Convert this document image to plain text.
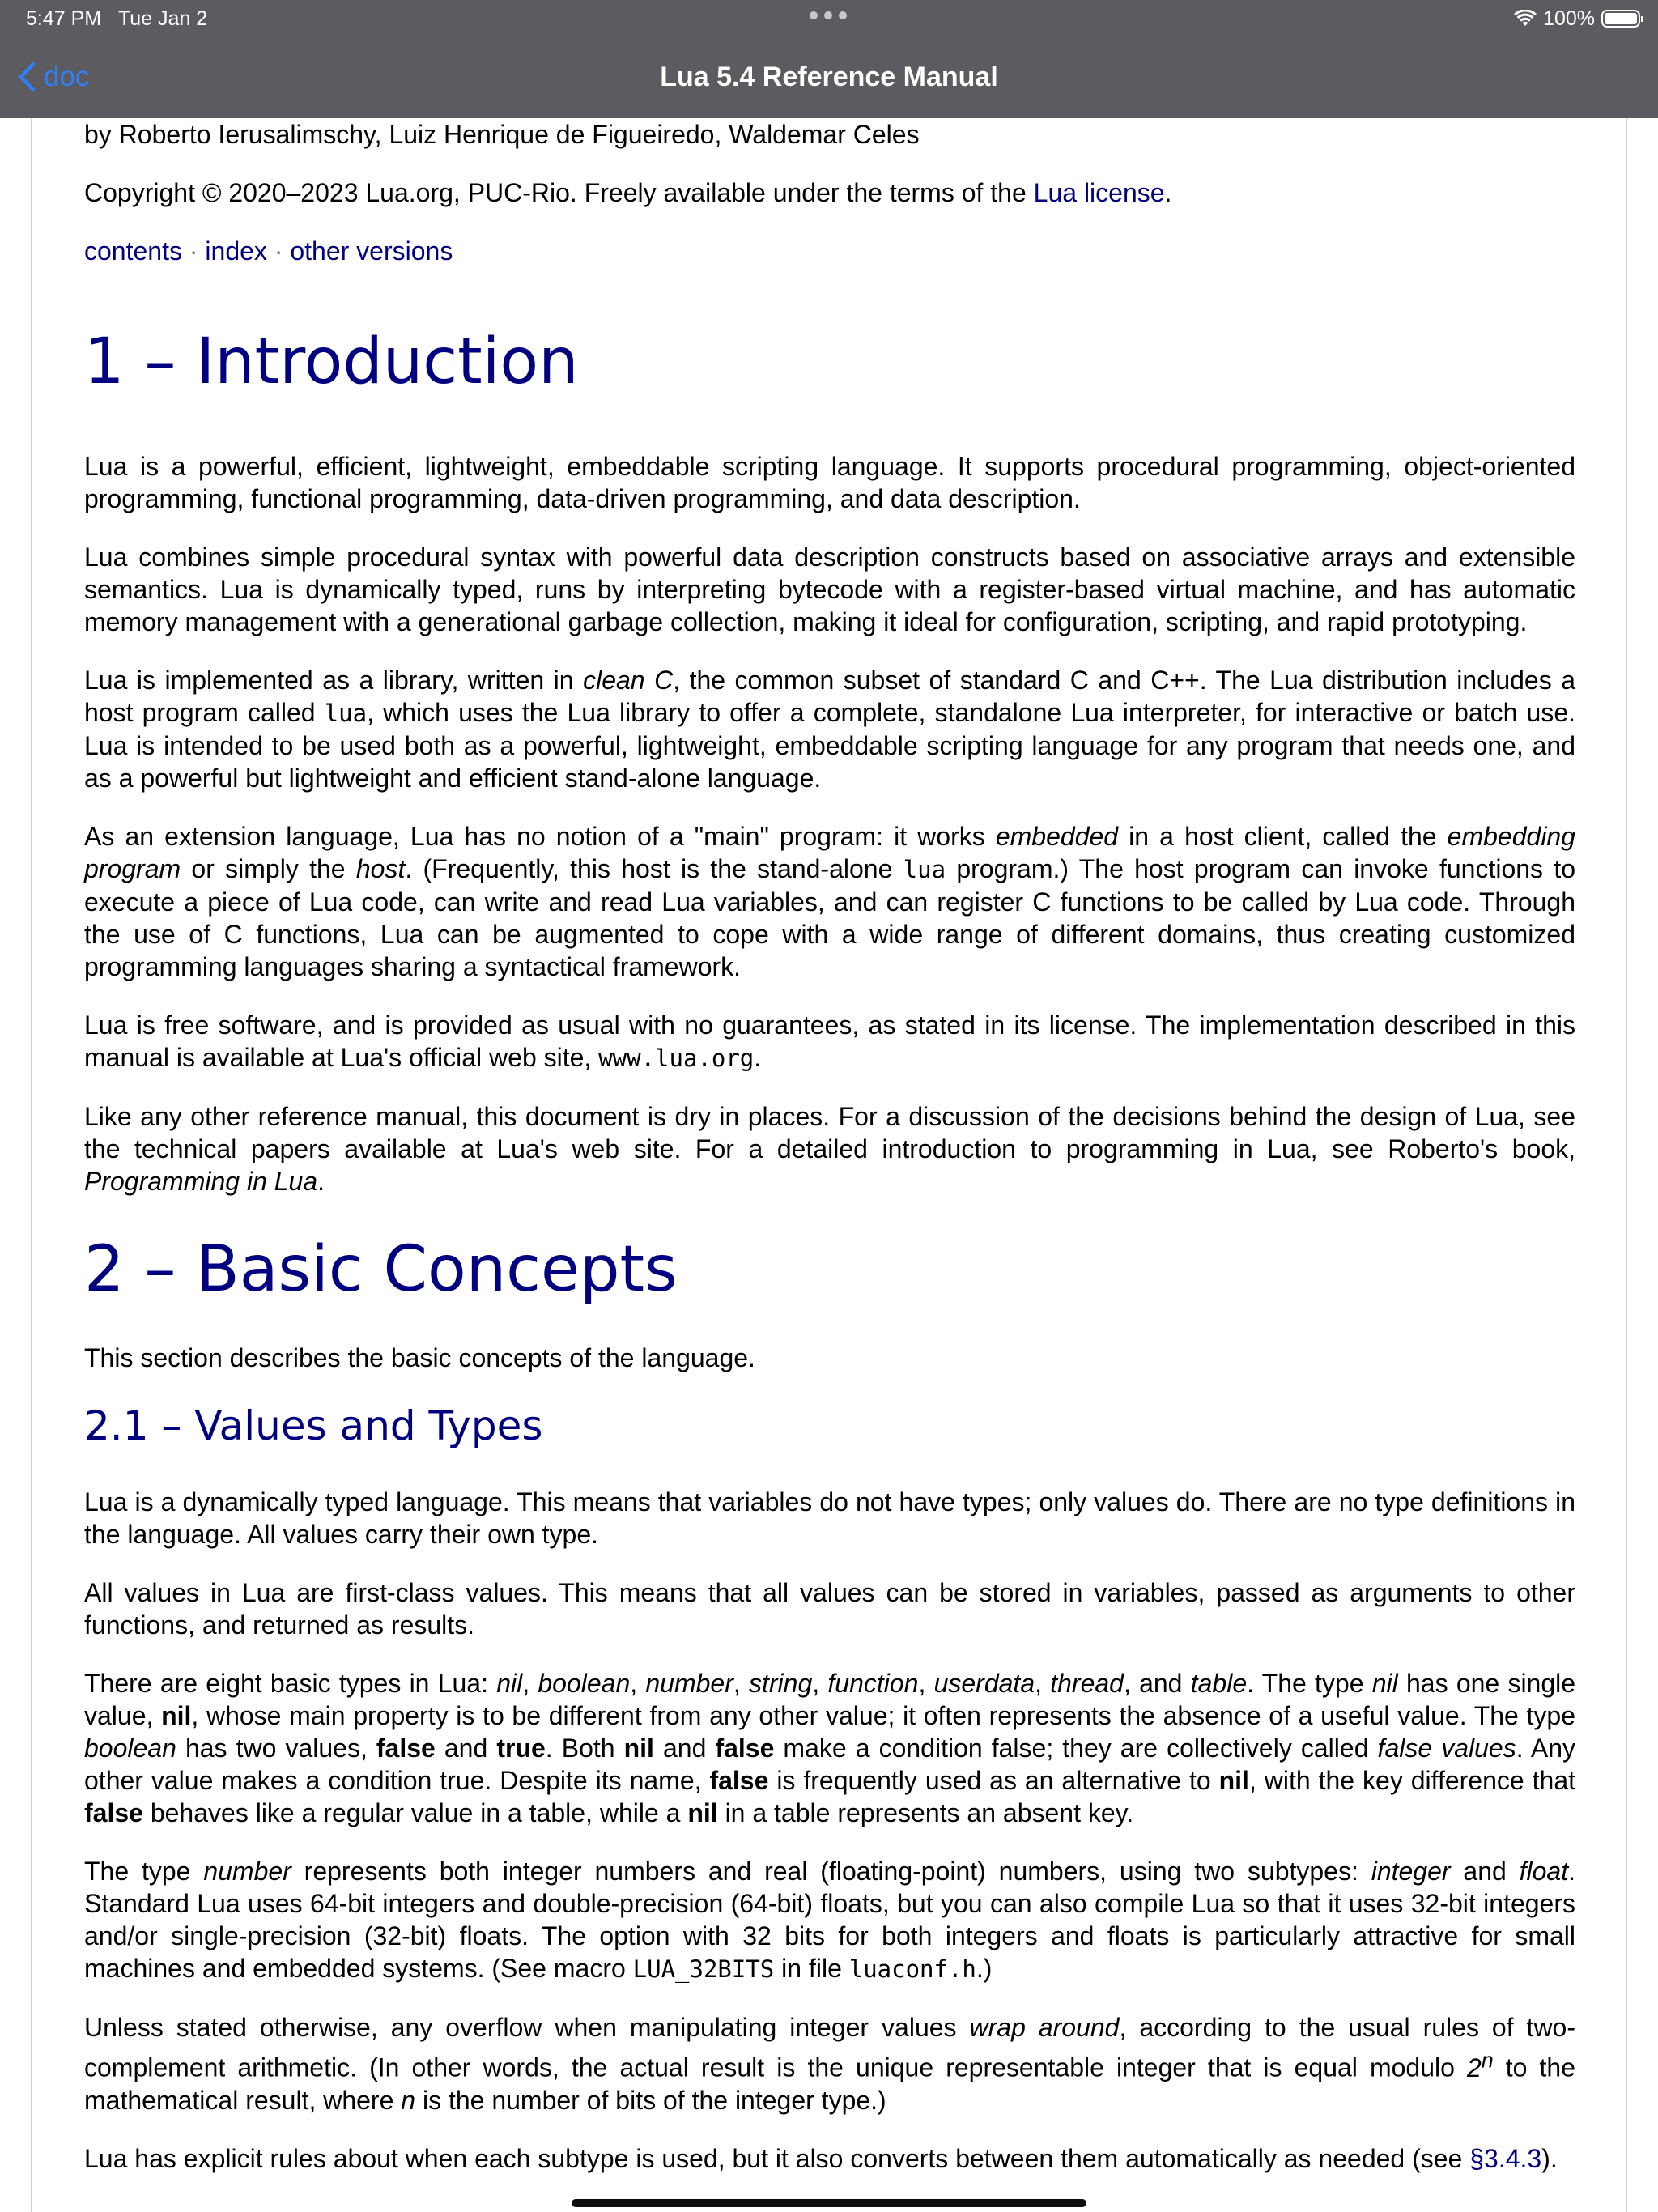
5:47 PM Tue Jan 2	100%
doc	Lua 5.4 Reference Manual

by Roberto Ierusalimschy, Luiz Henrique de Figueiredo, Waldemar Celes

Copyright © 2020–2023 Lua.org, PUC-Rio. Freely available under the terms of the Lua license.

contents · index · other versions
1 – Introduction

Lua is a powerful, efficient, lightweight, embeddable scripting language. It supports procedural programming, object-oriented programming, functional programming, data-driven programming, and data description.

Lua combines simple procedural syntax with powerful data description constructs based on associative arrays and extensible semantics. Lua is dynamically typed, runs by interpreting bytecode with a register-based virtual machine, and has automatic memory management with a generational garbage collection, making it ideal for configuration, scripting, and rapid prototyping.

Lua is implemented as a library, written in clean C, the common subset of standard C and C++. The Lua distribution includes a host program called lua, which uses the Lua library to offer a complete, standalone Lua interpreter, for interactive or batch use. Lua is intended to be used both as a powerful, lightweight, embeddable scripting language for any program that needs one, and as a powerful but lightweight and efficient stand-alone language.

As an extension language, Lua has no notion of a "main" program: it works embedded in a host client, called the embedding program or simply the host. (Frequently, this host is the stand-alone lua program.) The host program can invoke functions to execute a piece of Lua code, can write and read Lua variables, and can register C functions to be called by Lua code. Through the use of C functions, Lua can be augmented to cope with a wide range of different domains, thus creating customized programming languages sharing a syntactical framework.

Lua is free software, and is provided as usual with no guarantees, as stated in its license. The implementation described in this manual is available at Lua's official web site, www.lua.org.

Like any other reference manual, this document is dry in places. For a discussion of the decisions behind the design of Lua, see the technical papers available at Lua's web site. For a detailed introduction to programming in Lua, see Roberto's book, Programming in Lua.

2 – Basic Concepts

This section describes the basic concepts of the language.

2.1 – Values and Types

Lua is a dynamically typed language. This means that variables do not have types; only values do. There are no type definitions in the language. All values carry their own type.

All values in Lua are first-class values. This means that all values can be stored in variables, passed as arguments to other functions, and returned as results.

There are eight basic types in Lua: nil, boolean, number, string, function, userdata, thread, and table. The type nil has one single value, nil, whose main property is to be different from any other value; it often represents the absence of a useful value. The type boolean has two values, false and true. Both nil and false make a condition false; they are collectively called false values. Any other value makes a condition true. Despite its name, false is frequently used as an alternative to nil, with the key difference that false behaves like a regular value in a table, while a nil in a table represents an absent key.

The type number represents both integer numbers and real (floating-point) numbers, using two subtypes: integer and float. Standard Lua uses 64-bit integers and double-precision (64-bit) floats, but you can also compile Lua so that it uses 32-bit integers and/or single-precision (32-bit) floats. The option with 32 bits for both integers and floats is particularly attractive for small machines and embedded systems. (See macro LUA_32BITS in file luaconf.h.)

Unless stated otherwise, any overflow when manipulating integer values wrap around, according to the usual rules of two-complement arithmetic. (In other words, the actual result is the unique representable integer that is equal modulo 2$^n$ to the mathematical result, where n is the number of bits of the integer type.)

Lua has explicit rules about when each subtype is used, but it also converts between them automatically as needed (see §3.4.3).
